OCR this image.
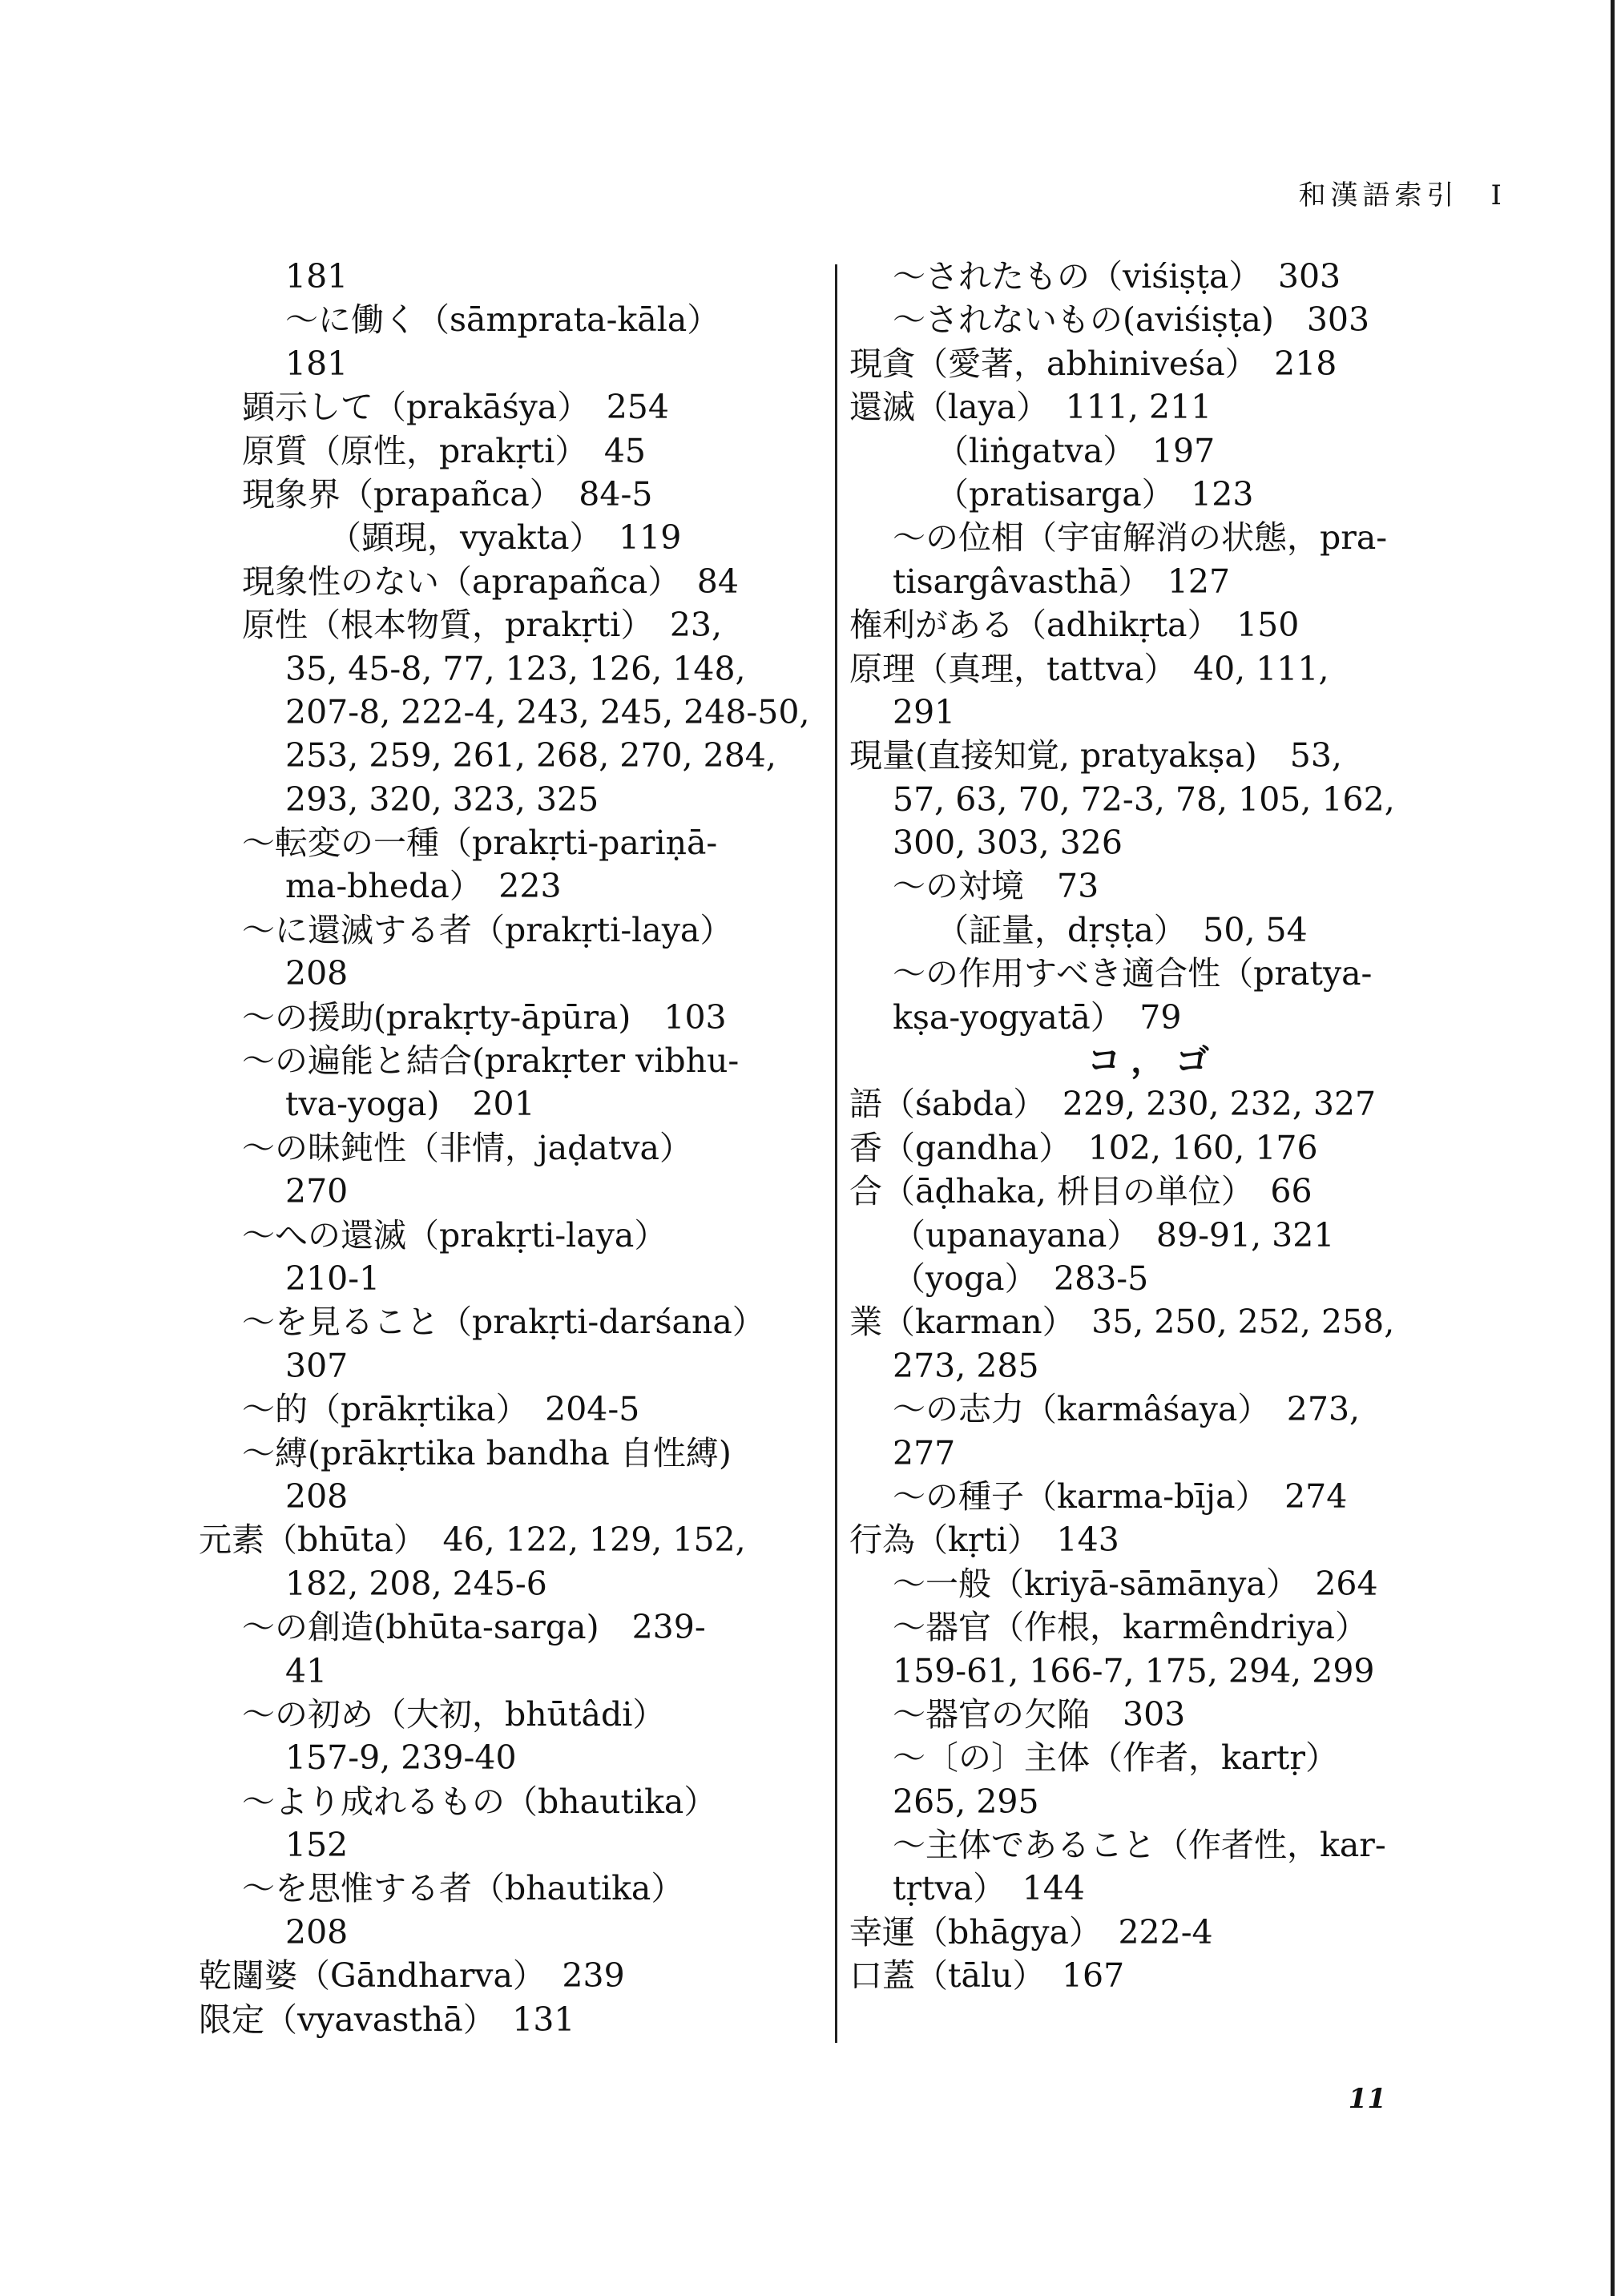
和漢語索引　I
181
～に働く（sāmprata-kāla）
181
顕示して（prakāśya）　254
原質（原性，prakṛti）　45
現象界（prapañca）　84-5
（顕現，vyakta）　119
現象性のない（aprapañca）　84
原性（根本物質，prakṛti）　23,
35, 45-8, 77, 123, 126, 148,
207-8, 222-4, 243, 245, 248-50,
253, 259, 261, 268, 270, 284,
293, 320, 323, 325
～転変の一種（prakṛti-pariṇā-
ma-bheda）　223
～に還滅する者（prakṛti-laya）
208
～の援助(prakṛty-āpūra)　103
～の遍能と結合(prakṛter vibhu-
tva-yoga)　201
～の昧鈍性（非情，jaḍatva）
270
～への還滅（prakṛti-laya）
210-1
～を見ること（prakṛti-darśana）
307
～的（prākṛtika）　204-5
～縛(prākṛtika bandha 自性縛)
208
元素（bhūta）　46, 122, 129, 152,
182, 208, 245-6
～の創造(bhūta-sarga)　239-
41
～の初め（大初，bhūtâdi）
157-9, 239-40
～より成れるもの（bhautika）
152
～を思惟する者（bhautika）
208
乾闥婆（Gāndharva）　239
限定（vyavasthā）　131
～されたもの（viśiṣṭa）　303
～されないもの(aviśiṣṭa)　303
現貪（愛著，abhiniveśa）　218
還滅（laya）　111, 211
（liṅgatva）　197
（pratisarga）　123
～の位相（宇宙解消の状態，pra-
tisargâvasthā）　127
権利がある（adhikṛta）　150
原理（真理，tattva）　40, 111,
291
現量(直接知覚, pratyakṣa)　53,
57, 63, 70, 72-3, 78, 105, 162,
300, 303, 326
～の対境　73
（証量，dṛṣṭa）　50, 54
～の作用すべき適合性（pratya-
kṣa-yogyatā）　79
コ，ゴ
語（śabda）　229, 230, 232, 327
香（gandha）　102, 160, 176
合（āḍhaka, 枡目の単位）　66
（upanayana）　89-91, 321
（yoga）　283-5
業（karman）　35, 250, 252, 258,
273, 285
～の志力（karmâśaya）　273,
277
～の種子（karma-bīja）　274
行為（kṛti）　143
～一般（kriyā-sāmānya）　264
～器官（作根，karmêndriya）
159-61, 166-7, 175, 294, 299
～器官の欠陥　303
～〔の〕主体（作者，kartṛ）
265, 295
～主体であること（作者性，kar-
tṛtva）　144
幸運（bhāgya）　222-4
口蓋（tālu）　167
11
